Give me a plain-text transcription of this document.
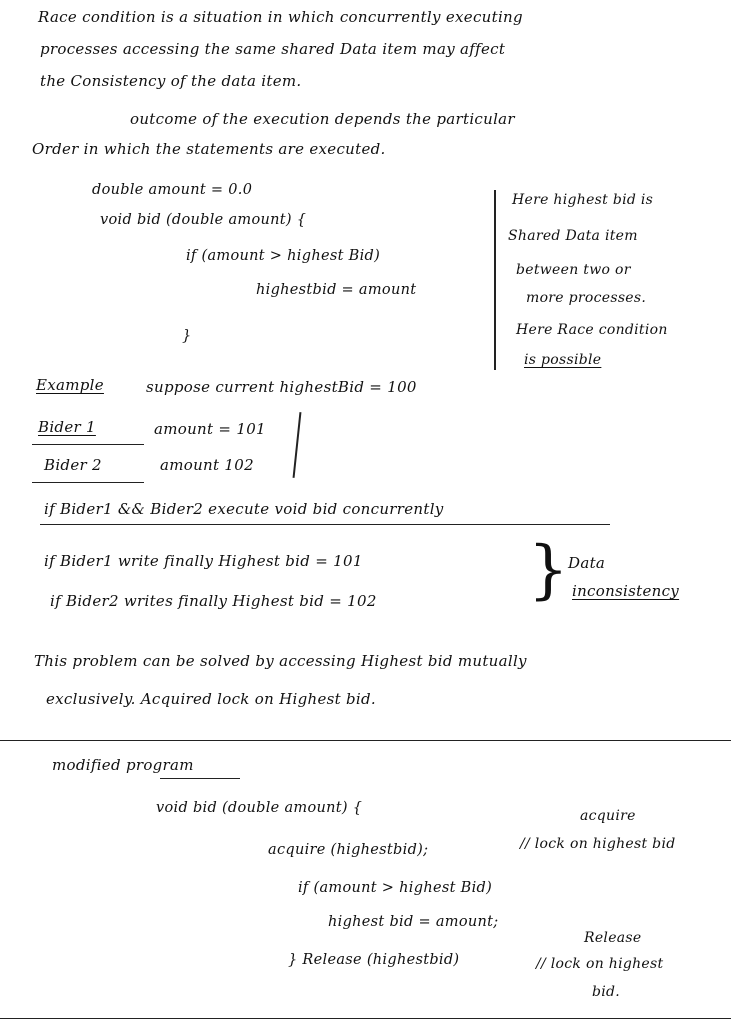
Race condition is a situation in which concurrently executing
processes accessing the same shared Data item may affect
the Consistency of the data item.
outcome of the execution depends the particular
Order in which the statements are executed.
double amount = 0.0
void bid (double amount) {
if (amount > highest Bid)
highestbid = amount
}
Here highest bid is
Shared Data item
between two or
more processes.
Here Race condition
is possible
Example	suppose current highestBid = 100
Bider 1	amount = 101
Bider 2	amount 102
if Bider1 && Bider2 execute void bid concurrently
if Bider1 write finally Highest bid = 101
if Bider2 writes finally Highest bid = 102 } Data
inconsistency
This problem can be solved by accessing Highest bid mutually
exclusively. Acquired lock on Highest bid.
modified program
void bid (double amount) {
acquire (highestbid);
if (amount > highest Bid)
highest bid = amount;
} Release (highestbid)
acquire
// lock on highest bid
Release
// lock on highest
bid.
